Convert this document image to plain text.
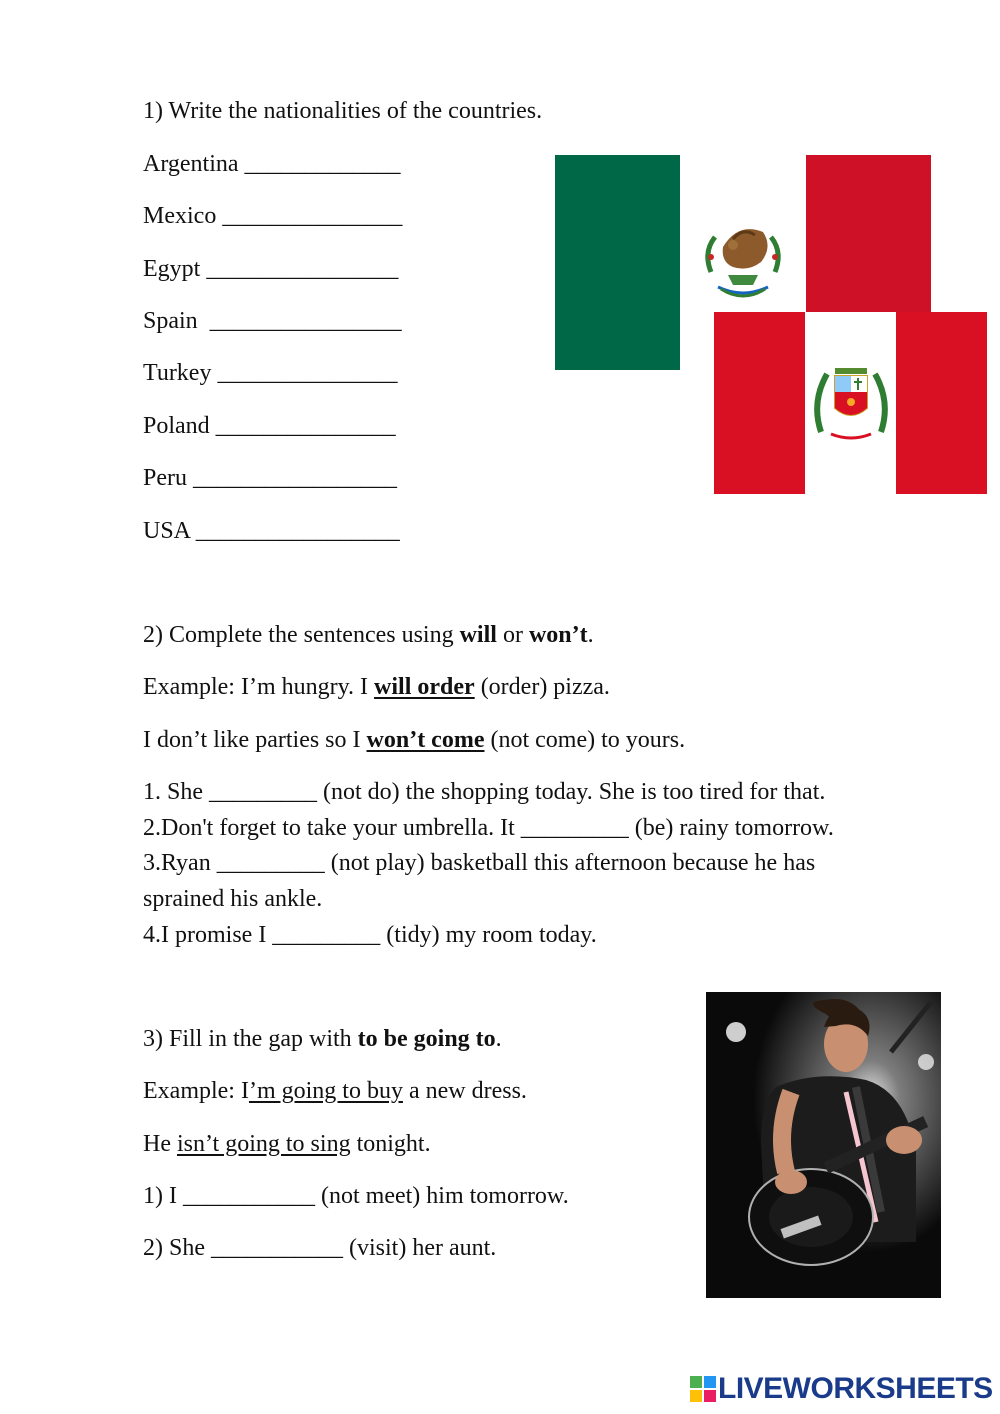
1) Write the nationalities of the countries.
Argentina _____________
Mexico _______________
Egypt ________________
Spain  ________________
Turkey _______________
Poland _______________
Peru _________________
USA _________________
2) Complete the sentences using will or won’t.
Example: I’m hungry. I will order (order) pizza.
I don’t like parties so I won’t come (not come) to yours.
1. She _________ (not do) the shopping today. She is too tired for that.
2.Don't forget to take your umbrella. It _________ (be) rainy tomorrow.
3.Ryan _________ (not play) basketball this afternoon because he has
sprained his ankle.
4.I promise I _________ (tidy) my room today.
3) Fill in the gap with to be going to.
Example: I’m going to buy a new dress.
He isn’t going to sing tonight.
1) I ___________ (not meet) him tomorrow.
2) She ___________ (visit) her aunt.
LIVEWORKSHEETS
